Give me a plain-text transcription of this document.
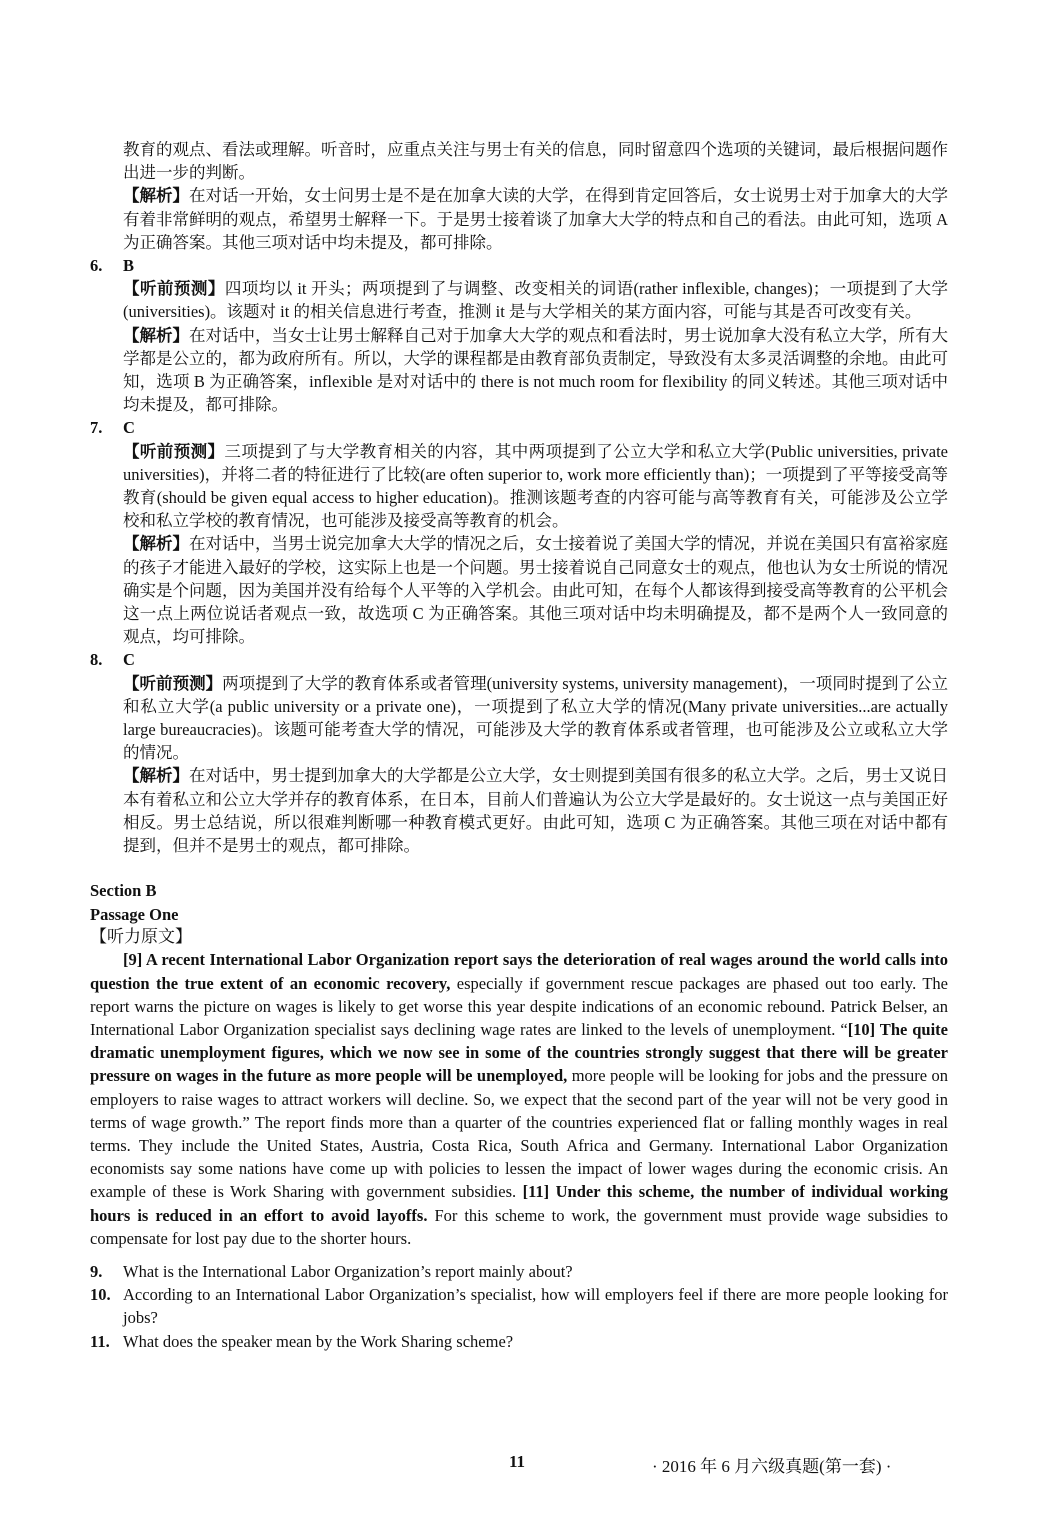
教育的观点、看法或理解。听音时，应重点关注与男士有关的信息，同时留意四个选项的关键词，最后根据问题作出进一步的判断。

【解析】在对话一开始，女士问男士是不是在加拿大读的大学，在得到肯定回答后，女士说男士对于加拿大的大学有着非常鲜明的观点，希望男士解释一下。于是男士接着谈了加拿大大学的特点和自己的看法。由此可知，选项 A 为正确答案。其他三项对话中均未提及，都可排除。

6.	B

【听前预测】四项均以 it 开头；两项提到了与调整、改变相关的词语(rather inflexible, changes)；一项提到了大学(universities)。该题对 it 的相关信息进行考查，推测 it 是与大学相关的某方面内容，可能与其是否可改变有关。

【解析】在对话中，当女士让男士解释自己对于加拿大大学的观点和看法时，男士说加拿大没有私立大学，所有大学都是公立的，都为政府所有。所以，大学的课程都是由教育部负责制定，导致没有太多灵活调整的余地。由此可知，选项 B 为正确答案，inflexible 是对对话中的 there is not much room for flexibility 的同义转述。其他三项对话中均未提及，都可排除。

7.	C

【听前预测】三项提到了与大学教育相关的内容，其中两项提到了公立大学和私立大学(Public universities, private universities)，并将二者的特征进行了比较(are often superior to, work more efficiently than)；一项提到了平等接受高等教育(should be given equal access to higher education)。推测该题考查的内容可能与高等教育有关，可能涉及公立学校和私立学校的教育情况，也可能涉及接受高等教育的机会。

【解析】在对话中，当男士说完加拿大大学的情况之后，女士接着说了美国大学的情况，并说在美国只有富裕家庭的孩子才能进入最好的学校，这实际上也是一个问题。男士接着说自己同意女士的观点，他也认为女士所说的情况确实是个问题，因为美国并没有给每个人平等的入学机会。由此可知，在每个人都该得到接受高等教育的公平机会这一点上两位说话者观点一致，故选项 C 为正确答案。其他三项对话中均未明确提及，都不是两个人一致同意的观点，均可排除。

8.	C

【听前预测】两项提到了大学的教育体系或者管理(university systems, university management)，一项同时提到了公立和私立大学(a public university or a private one)，一项提到了私立大学的情况(Many private universities...are actually large bureaucracies)。该题可能考查大学的情况，可能涉及大学的教育体系或者管理，也可能涉及公立或私立大学的情况。

【解析】在对话中，男士提到加拿大的大学都是公立大学，女士则提到美国有很多的私立大学。之后，男士又说日本有着私立和公立大学并存的教育体系，在日本，目前人们普遍认为公立大学是最好的。女士说这一点与美国正好相反。男士总结说，所以很难判断哪一种教育模式更好。由此可知，选项 C 为正确答案。其他三项在对话中都有提到，但并不是男士的观点，都可排除。

Section B

Passage One

【听力原文】

[9] A recent International Labor Organization report says the deterioration of real wages around the world calls into question the true extent of an economic recovery, especially if government rescue packages are phased out too early. The report warns the picture on wages is likely to get worse this year despite indications of an economic rebound. Patrick Belser, an International Labor Organization specialist says declining wage rates are linked to the levels of unemployment. “[10] The quite dramatic unemployment figures, which we now see in some of the countries strongly suggest that there will be greater pressure on wages in the future as more people will be unemployed, more people will be looking for jobs and the pressure on employers to raise wages to attract workers will decline. So, we expect that the second part of the year will not be very good in terms of wage growth.” The report finds more than a quarter of the countries experienced flat or falling monthly wages in real terms. They include the United States, Austria, Costa Rica, South Africa and Germany. International Labor Organization economists say some nations have come up with policies to lessen the impact of lower wages during the economic crisis. An example of these is Work Sharing with government subsidies. [11] Under this scheme, the number of individual working hours is reduced in an effort to avoid layoffs. For this scheme to work, the government must provide wage subsidies to compensate for lost pay due to the shorter hours.

9.	What is the International Labor Organization’s report mainly about?
10. According to an International Labor Organization’s specialist, how will employers feel if there are more people looking for jobs?
11. What does the speaker mean by the Work Sharing scheme?
11	· 2016 年 6 月六级真题(第一套) ·
